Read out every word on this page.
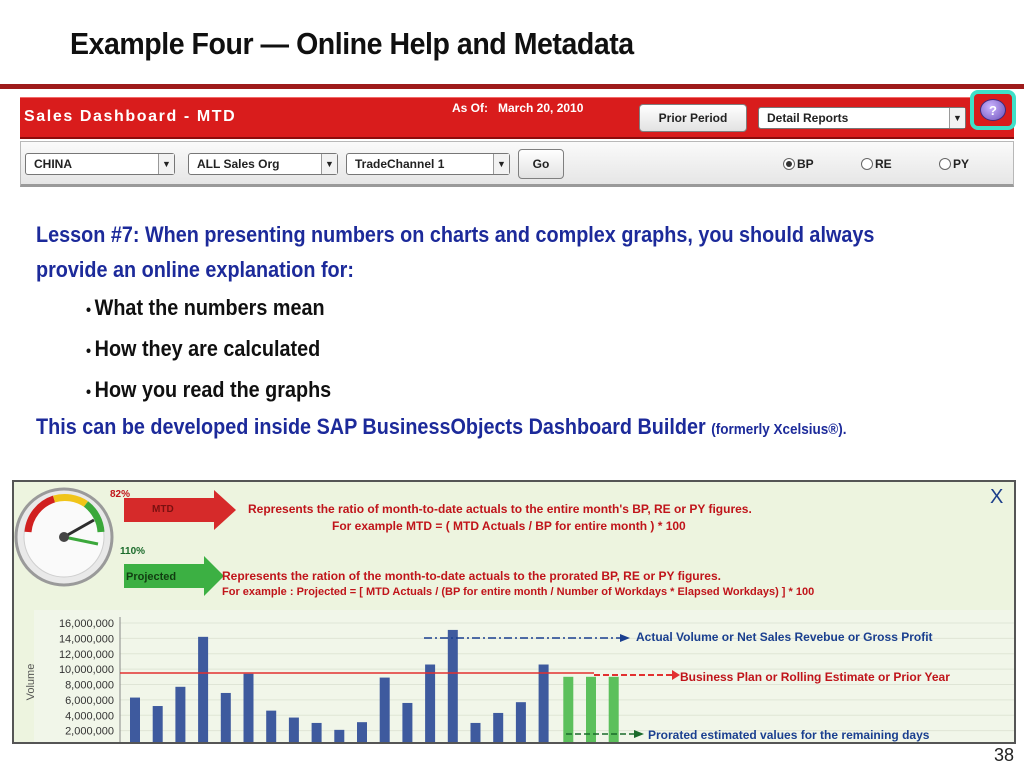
Example Four — Online Help and Metadata
Sales Dashboard - MTD	As Of: March 20, 2010
Prior Period	Detail Reports	▼
?
CHINA	▼ ALL Sales Org	▼ TradeChannel 1	▼	Go	BP	RE	PY
Lesson #7: When presenting numbers on charts and complex graphs, you should always provide an online explanation for:
• What the numbers mean
• How they are calculated
• How you read the graphs
This can be developed inside SAP BusinessObjects Dashboard Builder (formerly Xcelsius®).
16,000,000
14,000,000
12,000,000
10,000,000
8,000,000
6,000,000
4,000,000
2,000,000
Volume
X
82%
110%
MTD	Represents the ratio of month-to-date actuals to the entire month's BP, RE or PY figures.
For example MTD = ( MTD Actuals / BP for entire month ) * 100
Projected	Represents the ration of the month-to-date actuals to the prorated BP, RE or PY figures.
For example : Projected = [ MTD Actuals / (BP for entire month / Number of Workdays * Elapsed Workdays) ] * 100
Actual Volume or Net Sales Revebue or Gross Profit
Business Plan or Rolling Estimate or Prior Year
Prorated estimated values for the remaining days
38
